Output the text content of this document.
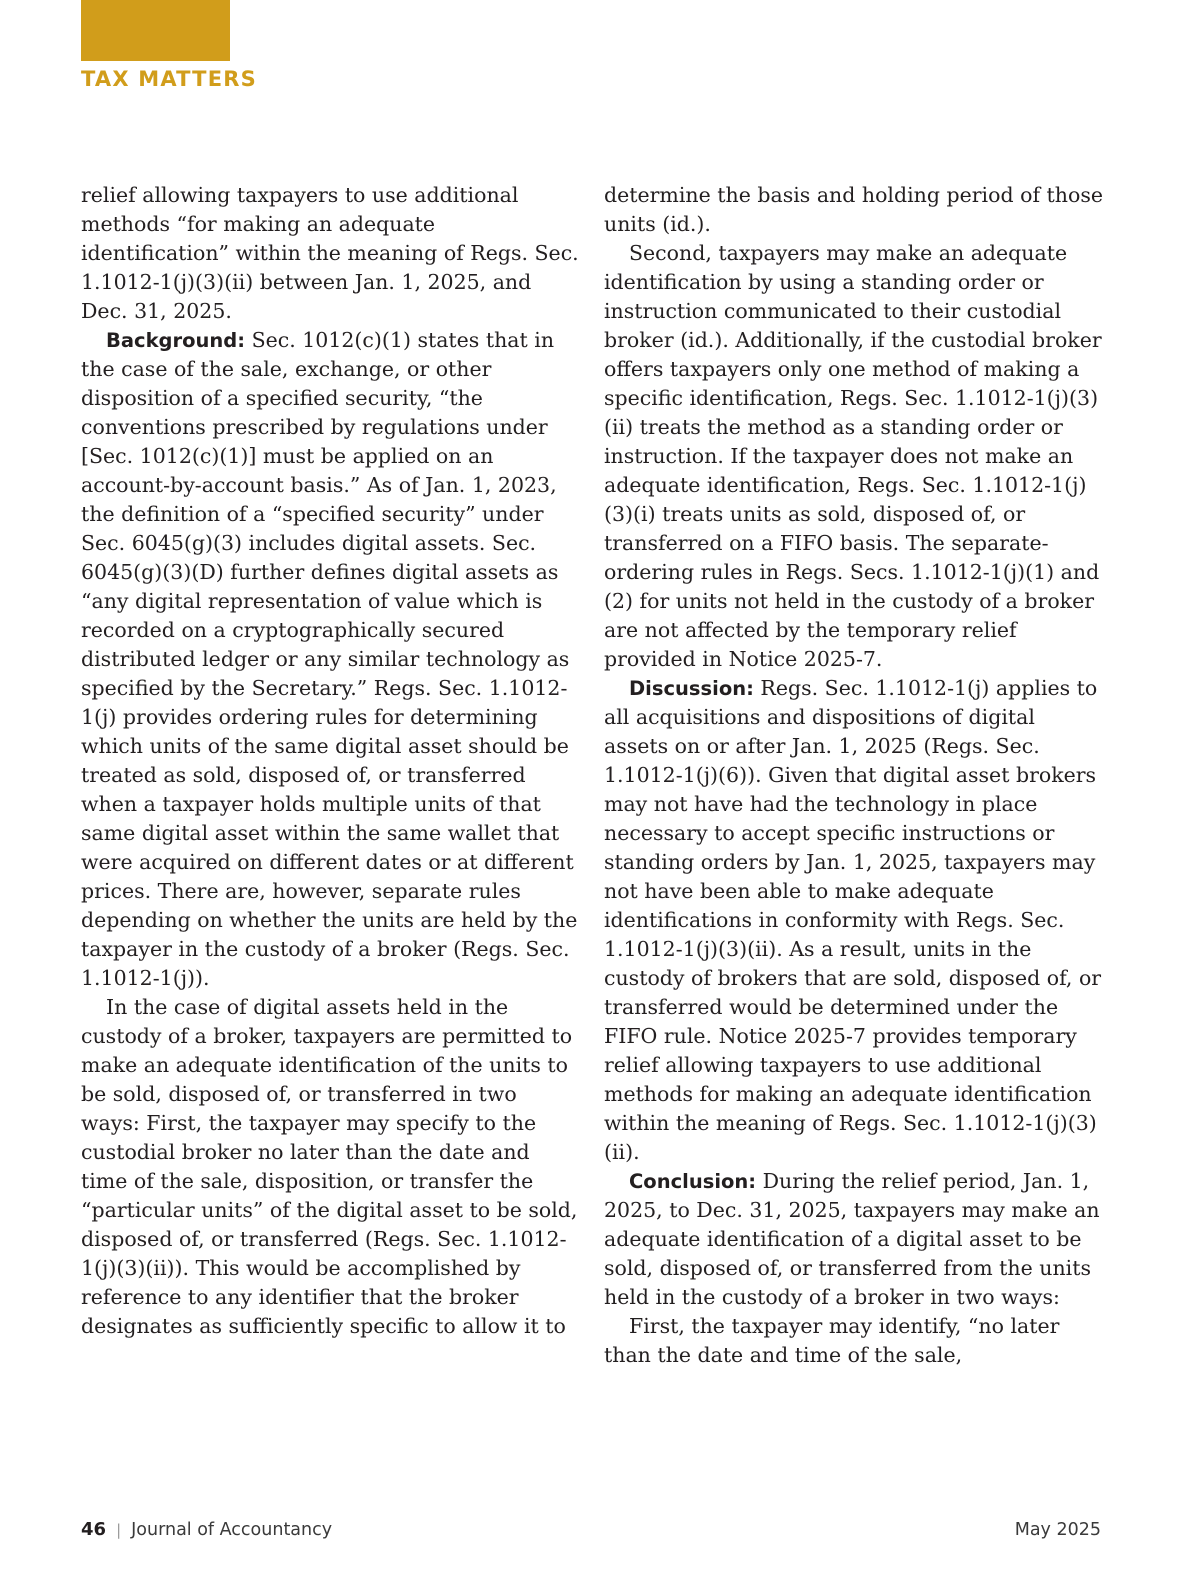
TAX MATTERS

relief allowing taxpayers to use additional methods “for making an adequate identification” within the meaning of Regs. Sec. 1.1012-1(j)(3)(ii) between Jan. 1, 2025, and Dec. 31, 2025.

Background: Sec. 1012(c)(1) states that in the case of the sale, exchange, or other disposition of a specified security, “the conventions prescribed by regulations under [Sec. 1012(c)(1)] must be applied on an account-by-account basis.” As of Jan. 1, 2023, the definition of a “specified security” under Sec. 6045(g)(3) includes digital assets. Sec. 6045(g)(3)(D) further defines digital assets as “any digital representation of value which is recorded on a cryptographically secured distributed ledger or any similar technology as specified by the Secretary.” Regs. Sec. 1.1012-1(j) provides ordering rules for determining which units of the same digital asset should be treated as sold, disposed of, or transferred when a taxpayer holds multiple units of that same digital asset within the same wallet that were acquired on different dates or at different prices. There are, however, separate rules depending on whether the units are held by the taxpayer in the custody of a broker (Regs. Sec. 1.1012-1(j)).

In the case of digital assets held in the custody of a broker, taxpayers are permitted to make an adequate identification of the units to be sold, disposed of, or transferred in two ways: First, the taxpayer may specify to the custodial broker no later than the date and time of the sale, disposition, or transfer the “particular units” of the digital asset to be sold, disposed of, or transferred (Regs. Sec. 1.1012-1(j)(3)(ii)). This would be accomplished by reference to any identifier that the broker designates as sufficiently specific to allow it to

determine the basis and holding period of those units (id.).

Second, taxpayers may make an adequate identification by using a standing order or instruction communicated to their custodial broker (id.). Additionally, if the custodial broker offers taxpayers only one method of making a specific identification, Regs. Sec. 1.1012-1(j)(3)(ii) treats the method as a standing order or instruction. If the taxpayer does not make an adequate identification, Regs. Sec. 1.1012-1(j)(3)(i) treats units as sold, disposed of, or transferred on a FIFO basis. The separate-ordering rules in Regs. Secs. 1.1012-1(j)(1) and (2) for units not held in the custody of a broker are not affected by the temporary relief provided in Notice 2025-7.

Discussion: Regs. Sec. 1.1012-1(j) applies to all acquisitions and dispositions of digital assets on or after Jan. 1, 2025 (Regs. Sec. 1.1012-1(j)(6)). Given that digital asset brokers may not have had the technology in place necessary to accept specific instructions or standing orders by Jan. 1, 2025, taxpayers may not have been able to make adequate identifications in conformity with Regs. Sec. 1.1012-1(j)(3)(ii). As a result, units in the custody of brokers that are sold, disposed of, or transferred would be determined under the FIFO rule. Notice 2025-7 provides temporary relief allowing taxpayers to use additional methods for making an adequate identification within the meaning of Regs. Sec. 1.1012-1(j)(3)(ii).

Conclusion: During the relief period, Jan. 1, 2025, to Dec. 31, 2025, taxpayers may make an adequate identification of a digital asset to be sold, disposed of, or transferred from the units held in the custody of a broker in two ways:

First, the taxpayer may identify, “no later than the date and time of the sale,

46 | Journal of Accountancy	May 2025
